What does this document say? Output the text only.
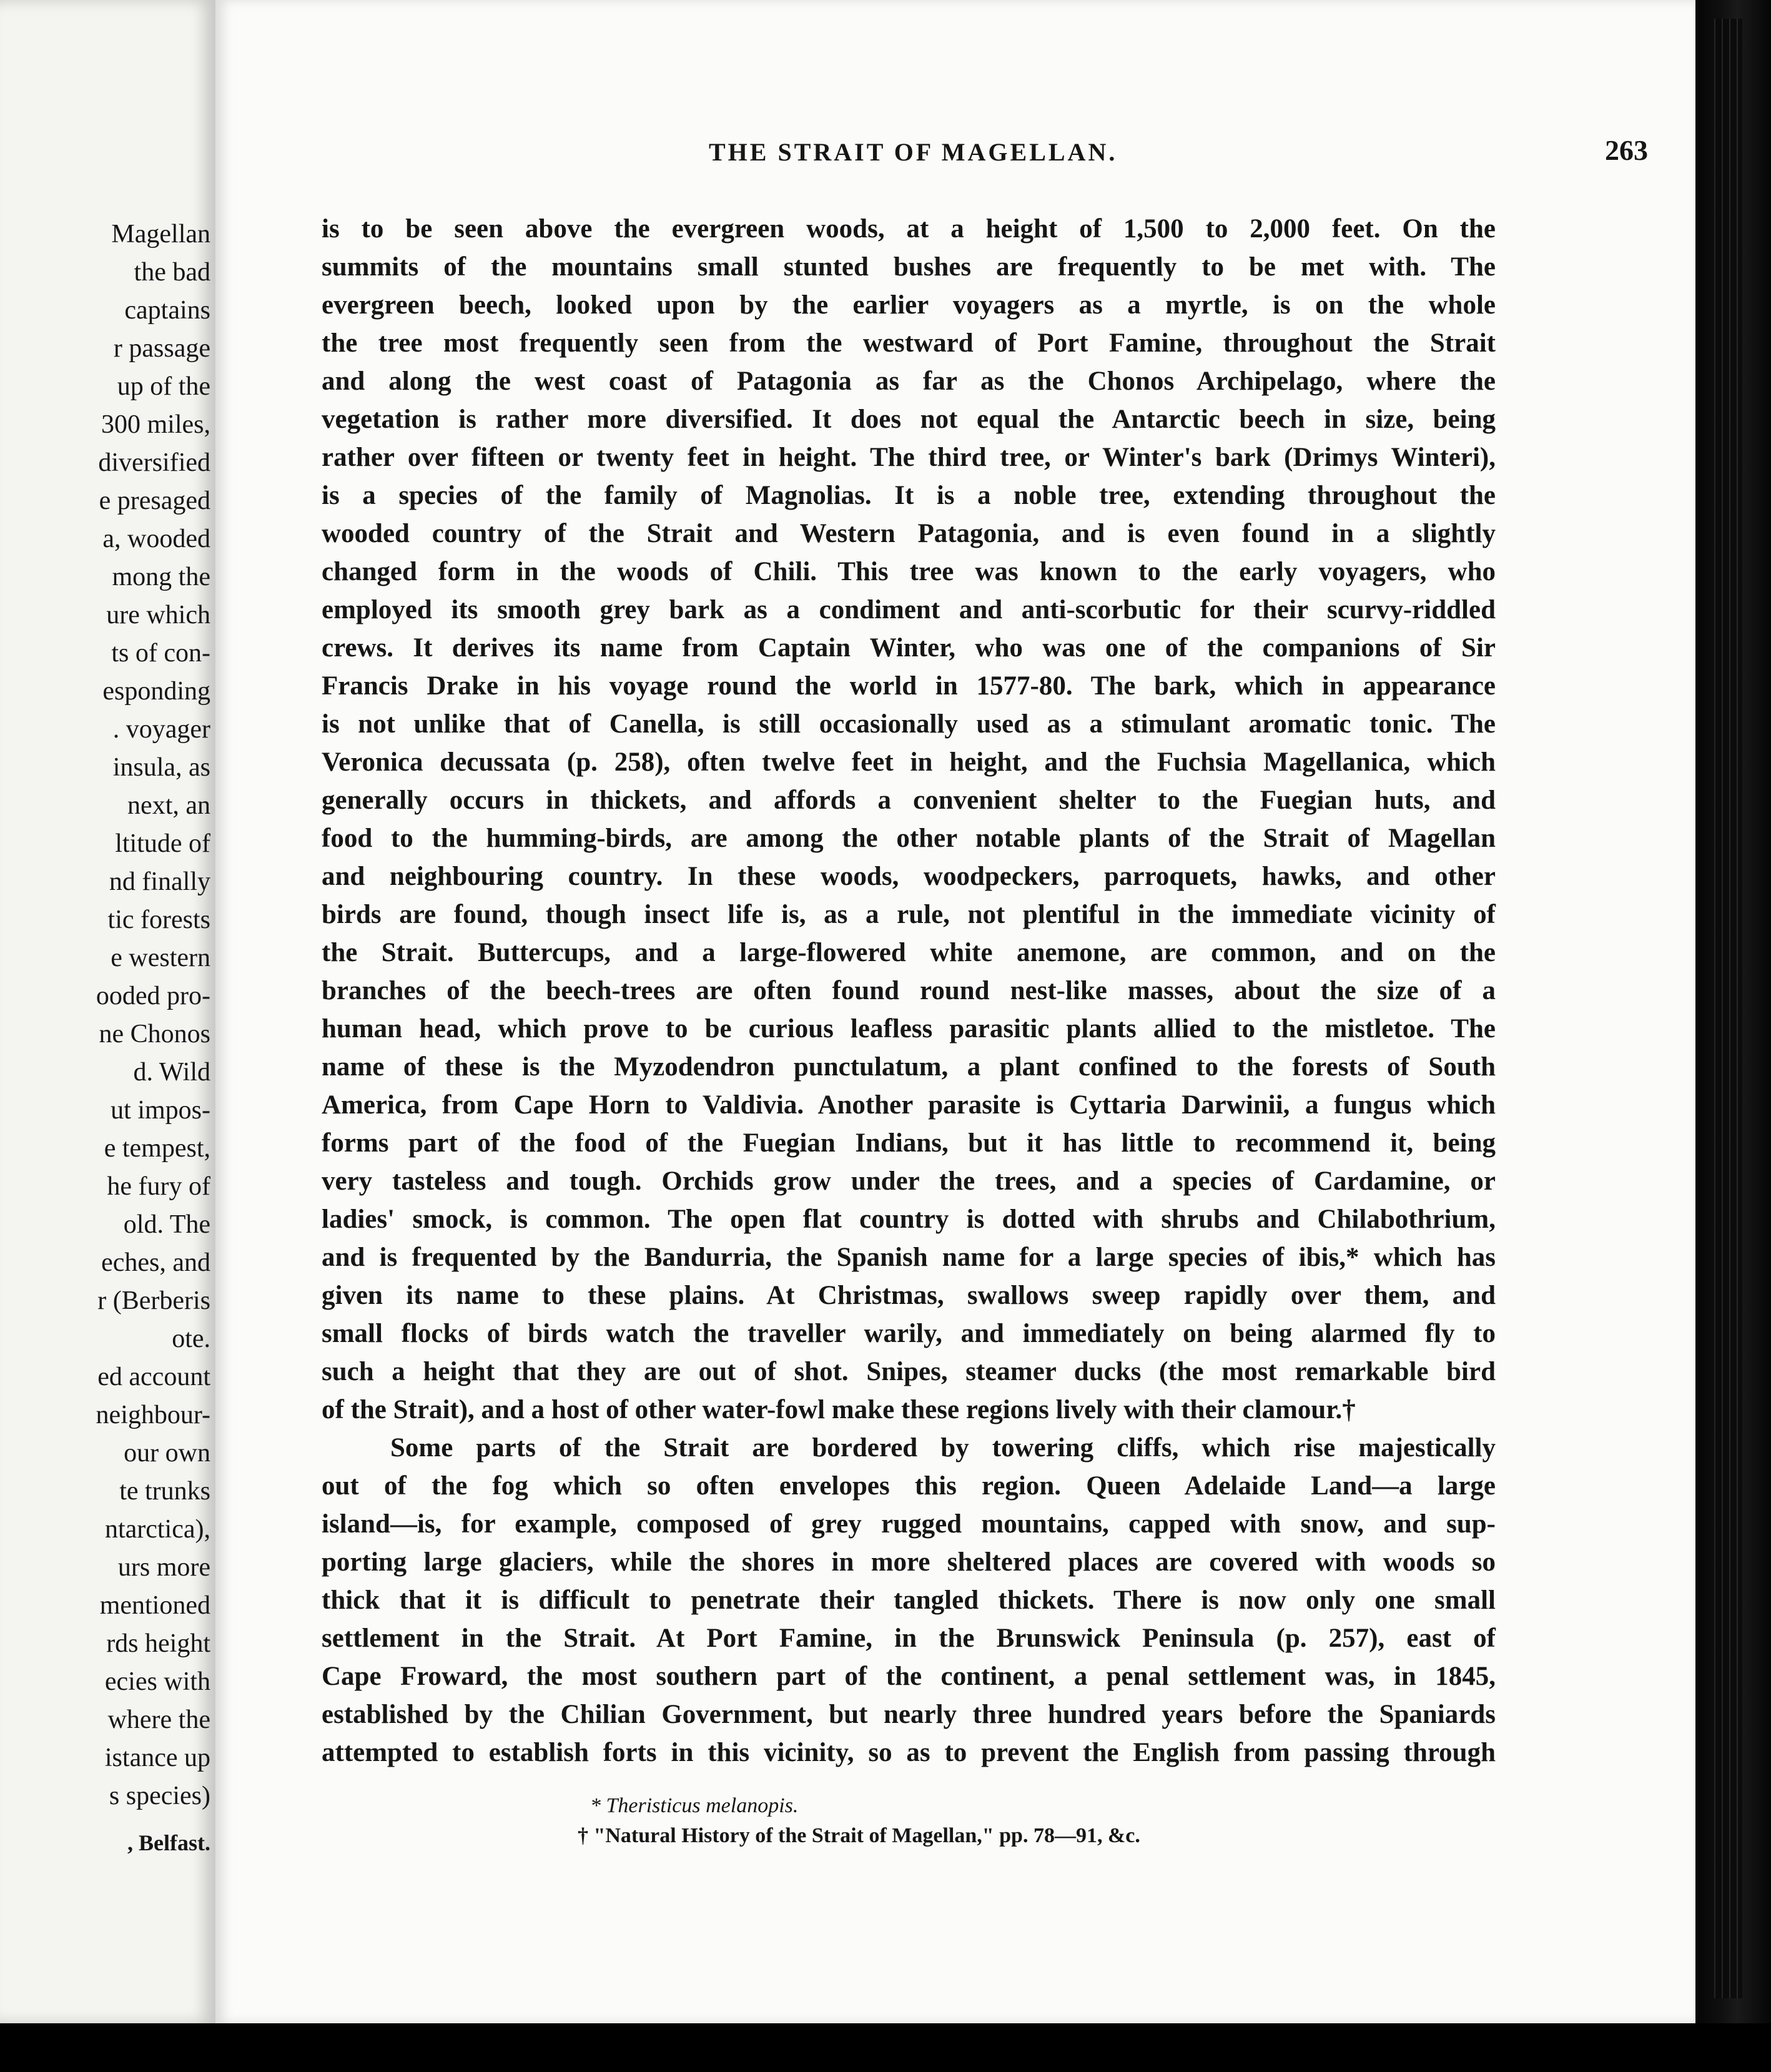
Magellan
the bad
captains
r passage
up of the
300 miles,
diversified
e presaged
a, wooded
mong the
ure which
ts of con-
esponding
. voyager
insula, as
next, an
ltitude of
nd finally
tic forests
e western
ooded pro-
ne Chonos
d. Wild
ut impos-
e tempest,
he fury of
old. The
eches, and
r (Berberis
ote.
ed account
neighbour-
our own
te trunks
ntarctica),
urs more
mentioned
rds height
ecies with
where the
istance up
s species)
, Belfast.
THE STRAIT OF MAGELLAN.	263
is to be seen above the evergreen woods, at a height of 1,500 to 2,000 feet. On the
summits of the mountains small stunted bushes are frequently to be met with. The
evergreen beech, looked upon by the earlier voyagers as a myrtle, is on the whole
the tree most frequently seen from the westward of Port Famine, throughout the Strait
and along the west coast of Patagonia as far as the Chonos Archipelago, where the
vegetation is rather more diversified. It does not equal the Antarctic beech in size, being
rather over fifteen or twenty feet in height. The third tree, or Winter's bark (Drimys Winteri),
is a species of the family of Magnolias. It is a noble tree, extending throughout the
wooded country of the Strait and Western Patagonia, and is even found in a slightly
changed form in the woods of Chili. This tree was known to the early voyagers, who
employed its smooth grey bark as a condiment and anti-scorbutic for their scurvy-riddled
crews. It derives its name from Captain Winter, who was one of the companions of Sir
Francis Drake in his voyage round the world in 1577-80. The bark, which in appearance
is not unlike that of Canella, is still occasionally used as a stimulant aromatic tonic. The
Veronica decussata (p. 258), often twelve feet in height, and the Fuchsia Magellanica, which
generally occurs in thickets, and affords a convenient shelter to the Fuegian huts, and
food to the humming-birds, are among the other notable plants of the Strait of Magellan
and neighbouring country. In these woods, woodpeckers, parroquets, hawks, and other
birds are found, though insect life is, as a rule, not plentiful in the immediate vicinity of
the Strait. Buttercups, and a large-flowered white anemone, are common, and on the
branches of the beech-trees are often found round nest-like masses, about the size of a
human head, which prove to be curious leafless parasitic plants allied to the mistletoe. The
name of these is the Myzodendron punctulatum, a plant confined to the forests of South
America, from Cape Horn to Valdivia. Another parasite is Cyttaria Darwinii, a fungus which
forms part of the food of the Fuegian Indians, but it has little to recommend it, being
very tasteless and tough. Orchids grow under the trees, and a species of Cardamine, or
ladies' smock, is common. The open flat country is dotted with shrubs and Chilabothrium,
and is frequented by the Bandurria, the Spanish name for a large species of ibis,* which has
given its name to these plains. At Christmas, swallows sweep rapidly over them, and
small flocks of birds watch the traveller warily, and immediately on being alarmed fly to
such a height that they are out of shot. Snipes, steamer ducks (the most remarkable bird
of the Strait), and a host of other water-fowl make these regions lively with their clamour.†
Some parts of the Strait are bordered by towering cliffs, which rise majestically
out of the fog which so often envelopes this region. Queen Adelaide Land—a large
island—is, for example, composed of grey rugged mountains, capped with snow, and sup-
porting large glaciers, while the shores in more sheltered places are covered with woods so
thick that it is difficult to penetrate their tangled thickets. There is now only one small
settlement in the Strait. At Port Famine, in the Brunswick Peninsula (p. 257), east of
Cape Froward, the most southern part of the continent, a penal settlement was, in 1845,
established by the Chilian Government, but nearly three hundred years before the Spaniards
attempted to establish forts in this vicinity, so as to prevent the English from passing through
* Theristicus melanopis.
† "Natural History of the Strait of Magellan," pp. 78—91, &c.
